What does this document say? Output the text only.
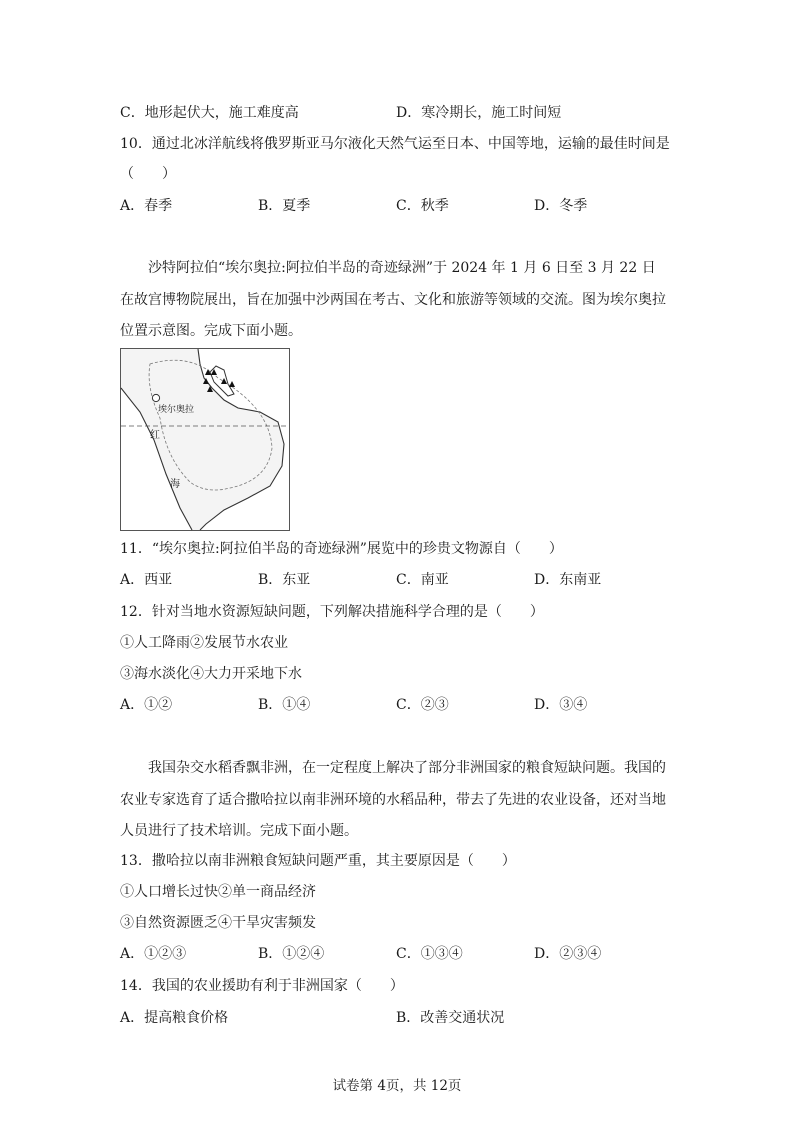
C．地形起伏大，施工难度高	D．寒冷期长，施工时间短
10．通过北冰洋航线将俄罗斯亚马尔液化天然气运至日本、中国等地，运输的最佳时间是
（　　）
A．春季	B．夏季	C．秋季	D．冬季
沙特阿拉伯“埃尔奥拉:阿拉伯半岛的奇迹绿洲”于 2024 年 1 月 6 日至 3 月 22 日在故宫博物院展出，旨在加强中沙两国在考古、文化和旅游等领域的交流。图为埃尔奥拉位置示意图。完成下面小题。
埃尔奥拉
红
海
11．“埃尔奥拉:阿拉伯半岛的奇迹绿洲”展览中的珍贵文物源自（　　）
A．西亚	B．东亚	C．南亚	D．东南亚
12．针对当地水资源短缺问题，下列解决措施科学合理的是（　　）
①人工降雨②发展节水农业
③海水淡化④大力开采地下水
A．①②	B．①④	C．②③	D．③④
我国杂交水稻香飘非洲，在一定程度上解决了部分非洲国家的粮食短缺问题。我国的农业专家选育了适合撒哈拉以南非洲环境的水稻品种，带去了先进的农业设备，还对当地人员进行了技术培训。完成下面小题。
13．撒哈拉以南非洲粮食短缺问题严重，其主要原因是（　　）
①人口增长过快②单一商品经济
③自然资源匮乏④干旱灾害频发
A．①②③	B．①②④	C．①③④	D．②③④
14．我国的农业援助有利于非洲国家（　　）
A．提高粮食价格	B．改善交通状况
试卷第 4页，共 12页
